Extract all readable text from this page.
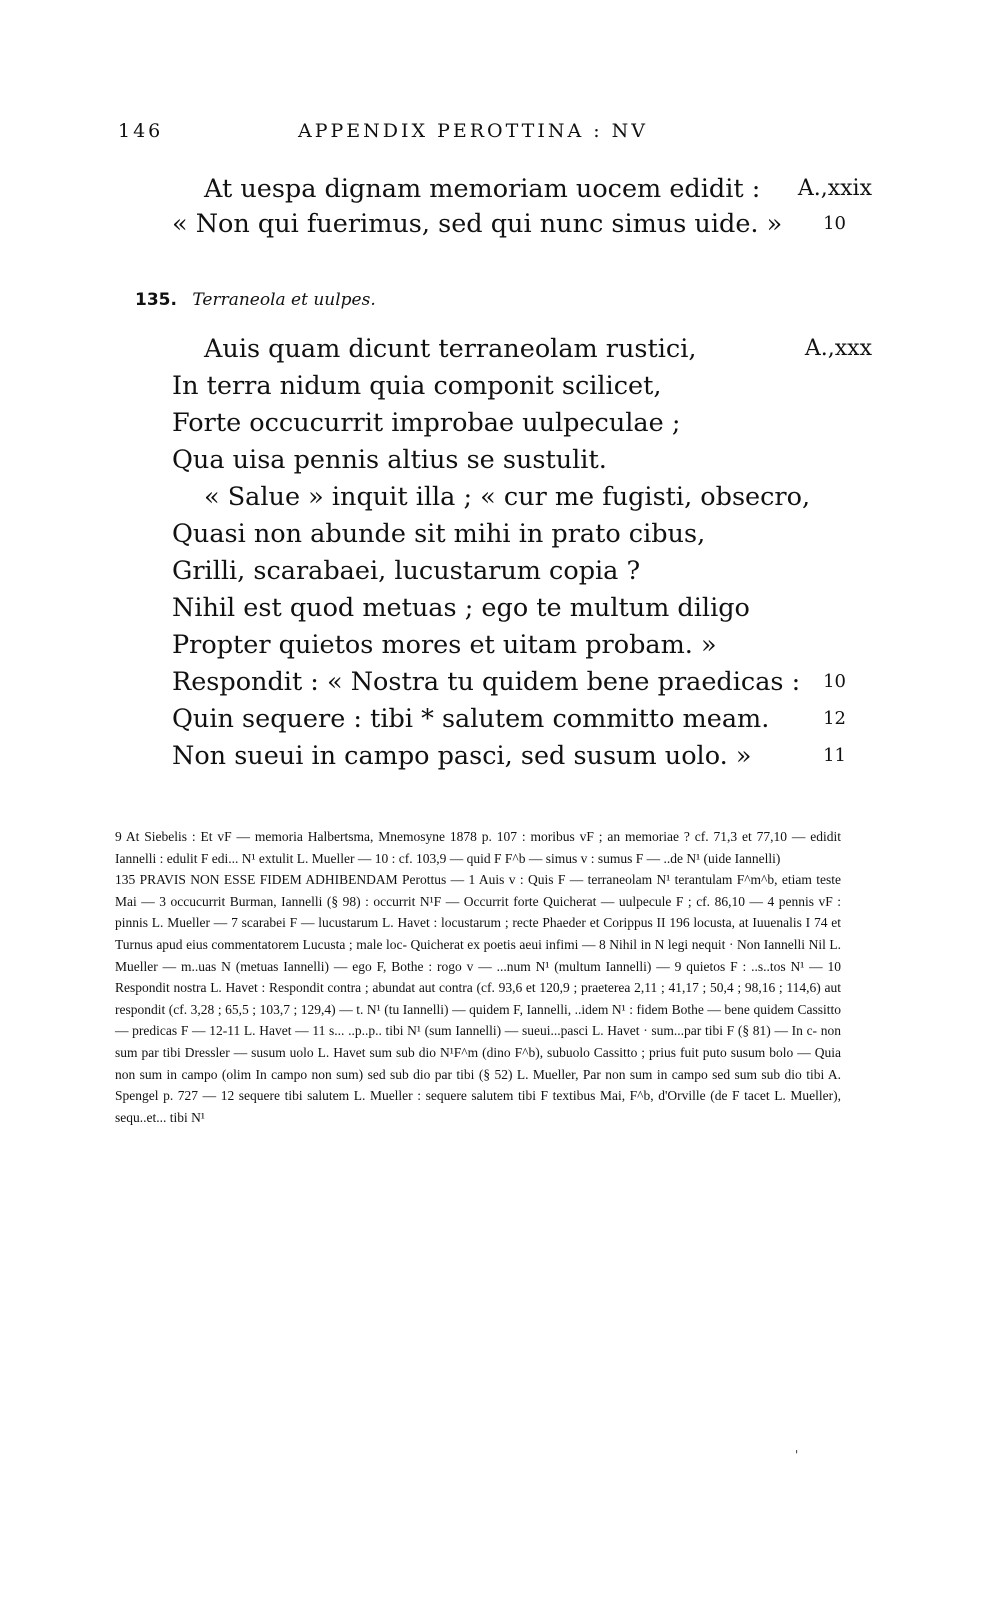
146	APPENDIX PEROTTINA : NV
At uespa dignam memoriam uocem edidit : A.,xxix
« Non qui fuerimus, sed qui nunc simus uide. » 10
135. Terraneola et uulpes.
Auis quam dicunt terraneolam rustici,	A.,xxx
In terra nidum quia componit scilicet,
Forte occucurrit improbae uulpeculae ;
Qua uisa pennis altius se sustulit.
« Salue » inquit illa ; « cur me fugisti, obsecro,
Quasi non abunde sit mihi in prato cibus,
Grilli, scarabaei, lucustarum copia ?
Nihil est quod metuas ; ego te multum diligo
Propter quietos mores et uitam probam. »
Respondit : « Nostra tu quidem bene praedicas : 10
Quin sequere : tibi * salutem committo meam.	12
Non sueui in campo pasci, sed susum uolo. »	11

9 At Siebelis : Et vF — memoria Halbertsma, Mnemosyne 1878 p. 107 : moribus vF ; an memoriae ? cf. 71,3 et 77,10 — edidit Iannelli : edulit F edi... N¹ extulit L. Mueller — 10 : cf. 103,9 — quid F F^b — simus v : sumus F — ..de N¹ (uide Iannelli)

135 PRAVIS NON ESSE FIDEM ADHIBENDAM Perottus — 1 Auis v : Quis F — terraneolam N¹ terantulam F^m^b, etiam teste Mai — 3 occucurrit Burman, Iannelli (§ 98) : occurrit N¹F — Occurrit forte Quicherat — uulpecule F ; cf. 86,10 — 4 pennis vF : pinnis L. Mueller — 7 scarabei F — lucustarum L. Havet : locustarum ; recte Phaeder et Corippus II 196 locusta, at Iuuenalis I 74 et Turnus apud eius commentatorem Lucusta ; male loc- Quicherat ex poetis aeui infimi — 8 Nihil in N legi nequit · Non Iannelli Nil L. Mueller — m..uas N (metuas Iannelli) — ego F, Bothe : rogo v — ...num N¹ (multum Iannelli) — 9 quietos F : ..s..tos N¹ — 10 Respondit nostra L. Havet : Respondit contra ; abundat aut contra (cf. 93,6 et 120,9 ; praeterea 2,11 ; 41,17 ; 50,4 ; 98,16 ; 114,6) aut respondit (cf. 3,28 ; 65,5 ; 103,7 ; 129,4) — t. N¹ (tu Iannelli) — quidem F, Iannelli, ..idem N¹ : fidem Bothe — bene quidem Cassitto — predicas F — 12-11 L. Havet — 11 s... ..p..p.. tibi N¹ (sum Iannelli) — sueui...pasci L. Havet · sum...par tibi F (§ 81) — In c- non sum par tibi Dressler — susum uolo L. Havet sum sub dio N¹F^m (dino F^b), subuolo Cassitto ; prius fuit puto susum bolo — Quia non sum in campo (olim In campo non sum) sed sub dio par tibi (§ 52) L. Mueller, Par non sum in campo sed sum sub dio tibi A. Spengel p. 727 — 12 sequere tibi salutem L. Mueller : sequere salutem tibi F textibus Mai, F^b, d'Orville (de F tacet L. Mueller), sequ..et... tibi N¹

'
